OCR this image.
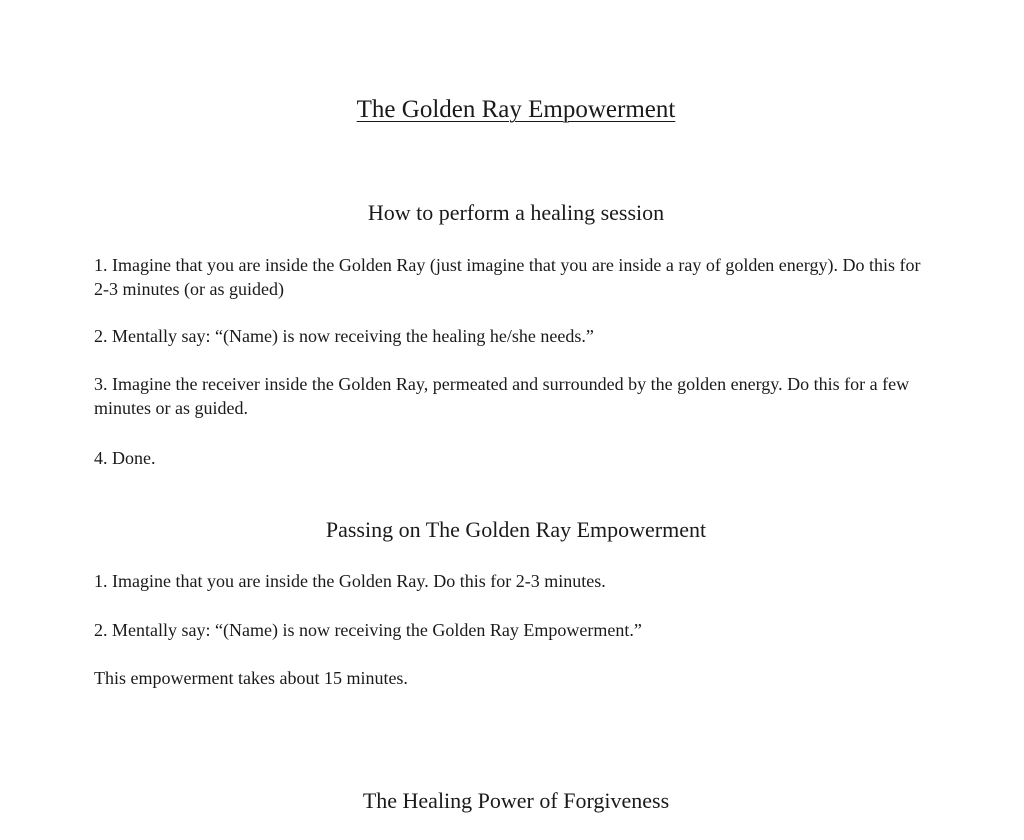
The Golden Ray Empowerment
How to perform a healing session

1. Imagine that you are inside the Golden Ray (just imagine that you are inside a ray of golden energy). Do this for 2-3 minutes (or as guided)

2. Mentally say: “(Name) is now receiving the healing he/she needs.”

3. Imagine the receiver inside the Golden Ray, permeated and surrounded by the golden energy. Do this for a few minutes or as guided.

4. Done.

Passing on The Golden Ray Empowerment

1. Imagine that you are inside the Golden Ray. Do this for 2-3 minutes.

2. Mentally say: “(Name) is now receiving the Golden Ray Empowerment.”

This empowerment takes about 15 minutes.

The Healing Power of Forgiveness
